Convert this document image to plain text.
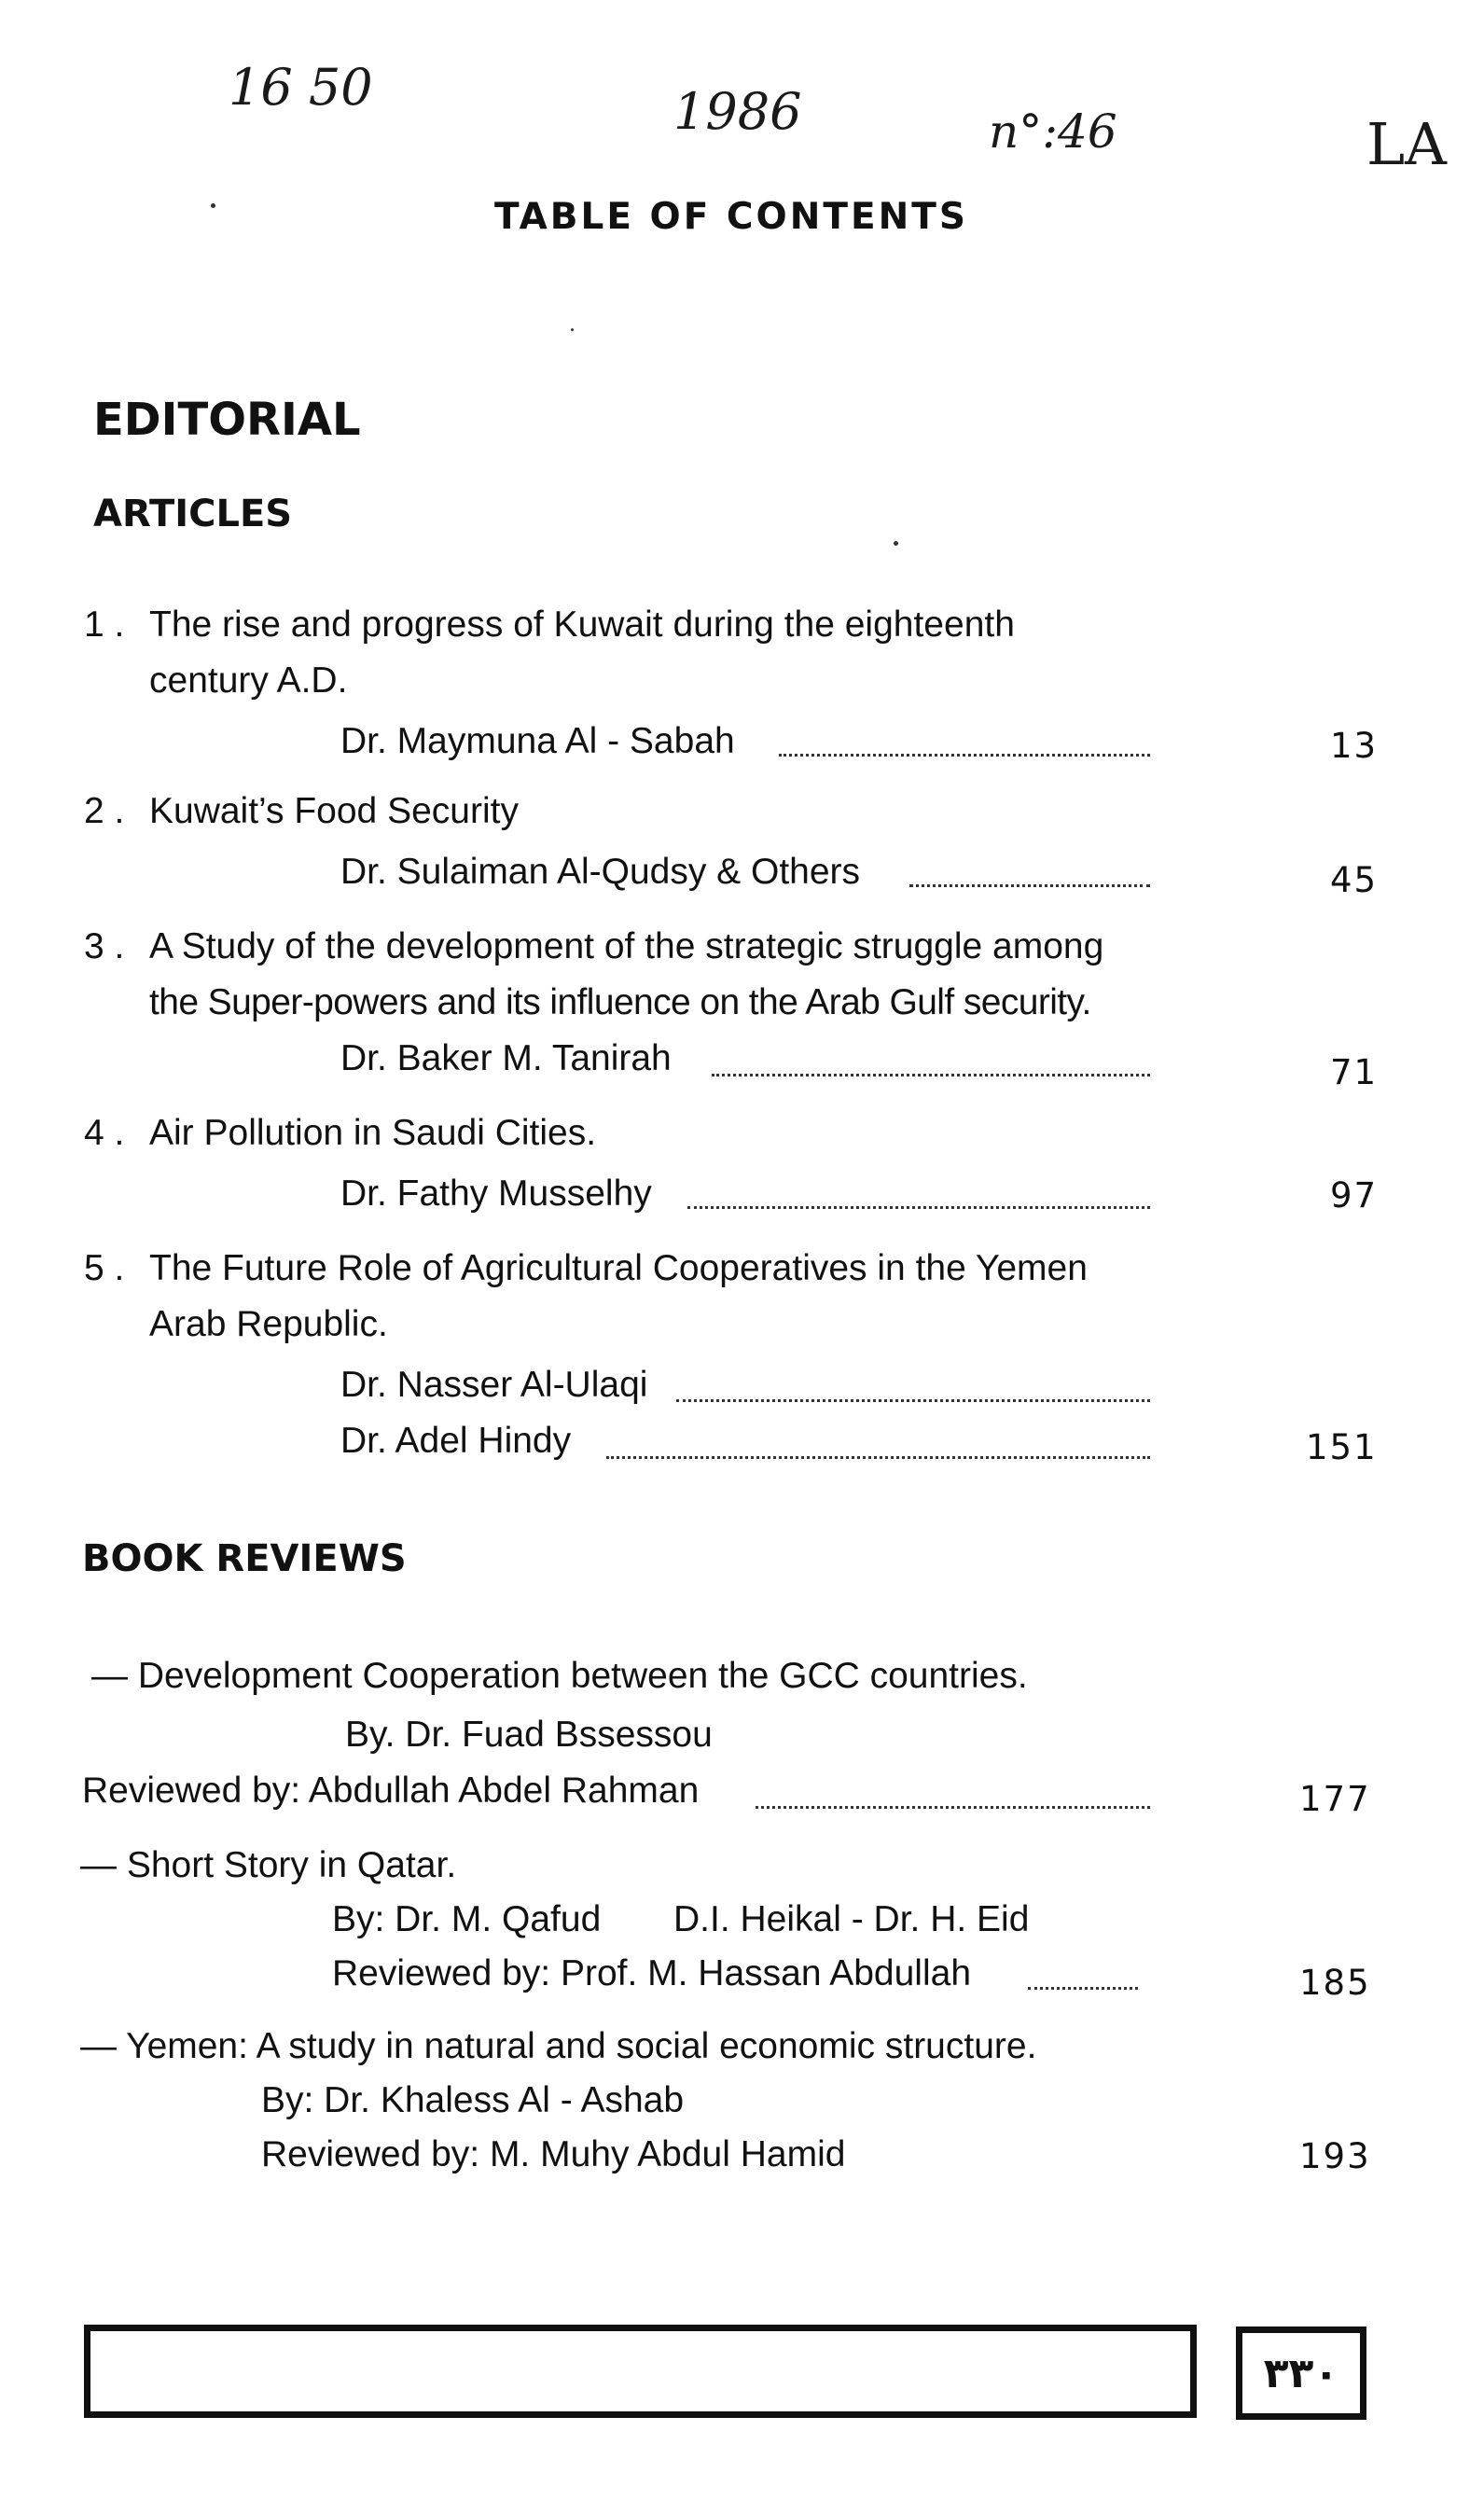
16 50	1986	n°:46	LA
TABLE OF CONTENTS
EDITORIAL
ARTICLES
1 . The rise and progress of Kuwait during the eighteenth
century A.D.
Dr. Maymuna Al - Sabah	13
2 . Kuwait’s Food Security
Dr. Sulaiman Al-Qudsy & Others	45
3 . A Study of the development of the strategic struggle among
the Super-powers and its influence on the Arab Gulf security.
Dr. Baker M. Tanirah	71
4 . Air Pollution in Saudi Cities.
Dr. Fathy Musselhy	97
5 . The Future Role of Agricultural Cooperatives in the Yemen
Arab Republic.
Dr. Nasser Al-Ulaqi
Dr. Adel Hindy	151
BOOK REVIEWS
— Development Cooperation between the GCC countries.
By. Dr. Fuad Bssessou
Reviewed by: Abdullah Abdel Rahman	177
— Short Story in Qatar.
By: Dr. M. Qafud D.I. Heikal - Dr. H. Eid
Reviewed by: Prof. M. Hassan Abdullah	185
— Yemen: A study in natural and social economic structure.
By: Dr. Khaless Al - Ashab
Reviewed by: M. Muhy Abdul Hamid	193
٣٣٠
